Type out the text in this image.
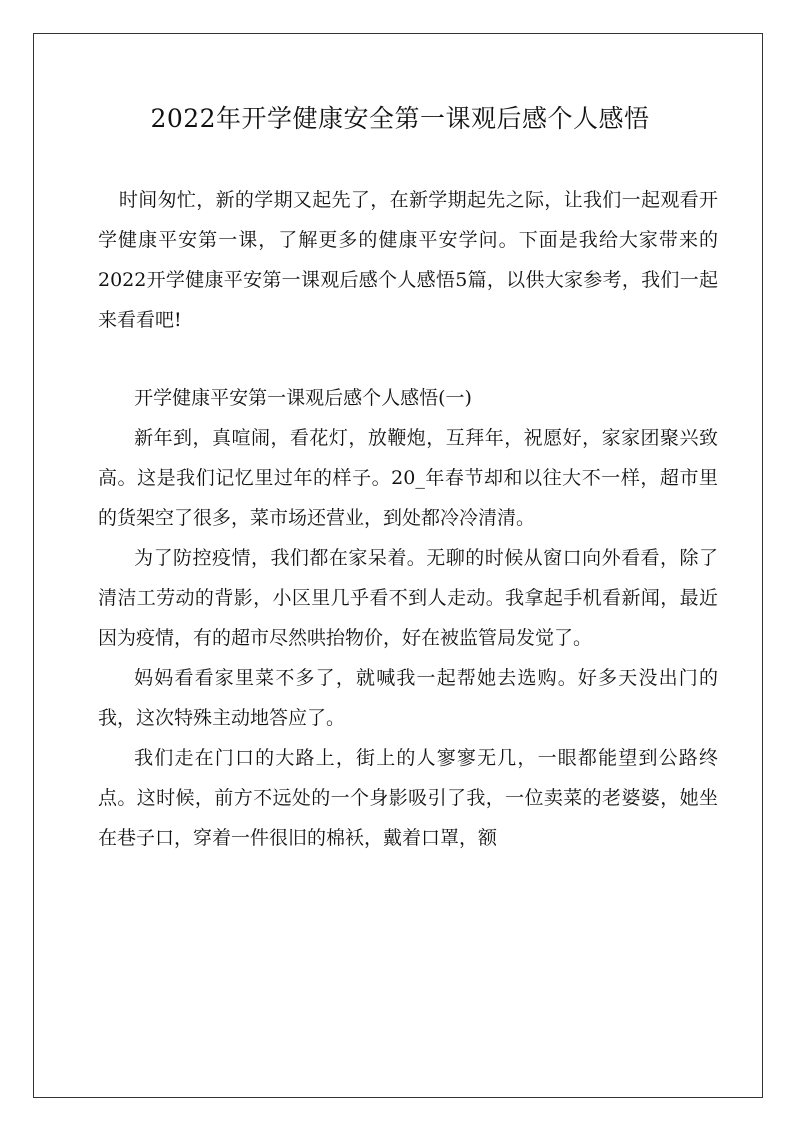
2022年开学健康安全第一课观后感个人感悟

时间匆忙，新的学期又起先了，在新学期起先之际，让我们一起观看开学健康平安第一课，了解更多的健康平安学问。下面是我给大家带来的2022开学健康平安第一课观后感个人感悟5篇，以供大家参考，我们一起来看看吧!

开学健康平安第一课观后感个人感悟(一)

新年到，真喧闹，看花灯，放鞭炮，互拜年，祝愿好，家家团聚兴致高。这是我们记忆里过年的样子。20_年春节却和以往大不一样，超市里的货架空了很多，菜市场还营业，到处都冷冷清清。

为了防控疫情，我们都在家呆着。无聊的时候从窗口向外看看，除了清洁工劳动的背影，小区里几乎看不到人走动。我拿起手机看新闻，最近因为疫情，有的超市尽然哄抬物价，好在被监管局发觉了。

妈妈看看家里菜不多了，就喊我一起帮她去选购。好多天没出门的我，这次特殊主动地答应了。

我们走在门口的大路上，街上的人寥寥无几，一眼都能望到公路终点。这时候，前方不远处的一个身影吸引了我，一位卖菜的老婆婆，她坐在巷子口，穿着一件很旧的棉袄，戴着口罩，额
